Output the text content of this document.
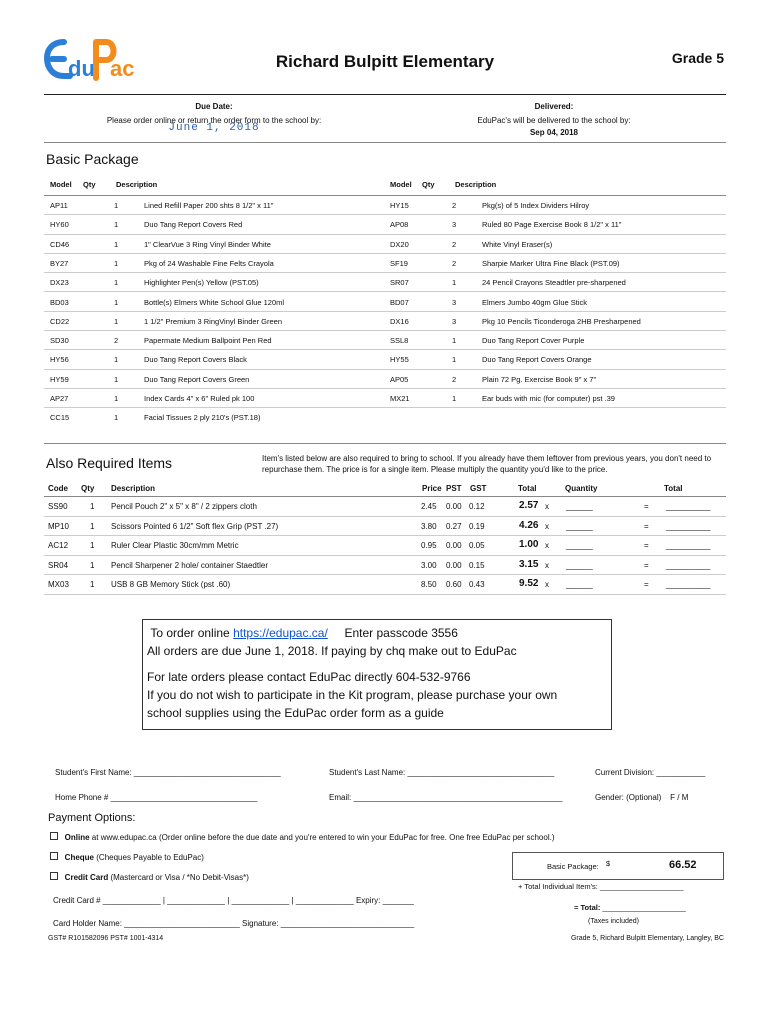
du ac	Richard Bulpitt Elementary	Grade 5
Due Date:
Please order online or return the order form to the school by:
June 1, 2018
Delivered:
EduPac's will be delivered to the school by:
Sep 04, 2018
Basic Package
Model Qty	Description	Model Qty	Description
AP11	1	Lined Refill Paper 200 shts 8 1/2" x 11"	HY15	2	Pkg(s) of 5 Index Dividers Hilroy
HY60	1	Duo Tang Report Covers Red	AP08	3	Ruled 80 Page Exercise Book 8 1/2" x 11"
CD46	1	1" ClearVue 3 Ring Vinyl Binder White	DX20	2	White Vinyl Eraser(s)
BY27	1	Pkg of 24 Washable Fine Felts Crayola	SF19	2	Sharpie Marker Ultra Fine Black (PST.09)
DX23	1	Highlighter Pen(s) Yellow (PST.05)	SR07	1	24 Pencil Crayons Steadtler pre-sharpened
BD03	1	Bottle(s) Elmers White School Glue 120ml	BD07	3	Elmers Jumbo 40gm Glue Stick
CD22	1	1 1/2" Premium 3 RingVinyl Binder Green	DX16	3	Pkg 10 Pencils Ticonderoga 2HB Presharpened
SD30	2	Papermate Medium Ballpoint Pen Red	SSL8	1	Duo Tang Report Cover Purple
HY56	1	Duo Tang Report Covers Black	HY55	1	Duo Tang Report Covers Orange
HY59	1	Duo Tang Report Covers Green	AP05	2	Plain 72 Pg. Exercise Book 9" x 7"
AP27	1	Index Cards 4" x 6" Ruled pk 100	MX21	1	Ear buds with mic (for computer) pst .39
CC15	1	Facial Tissues 2 ply 210's (PST.18)
Also Required Items	Item's listed below are also required to bring to school. If you already have them leftover from previous years, you don't need to repurchase them. The price is for a single item. Please multiply the quantity you'd like to the price.
Code Qty Description	Price PST GST	Total	Quantity	Total
SS90	1 Pencil Pouch 2" x 5" x 8" / 2 zippers cloth	2.45 0.00 0.12	2.57 x ______	= __________
MP10	1 Scissors Pointed 6 1/2" Soft flex Grip (PST .27)	3.80 0.27 0.19	4.26 x ______	= __________
AC12	1 Ruler Clear Plastic 30cm/mm Metric	0.95 0.00 0.05	1.00 x ______	= __________
SR04	1 Pencil Sharpener 2 hole/ container Staedtler	3.00 0.00 0.15	3.15 x ______	= __________
MX03	1 USB 8 GB Memory Stick (pst .60)	8.50 0.60 0.43	9.52 x ______	= __________
To order online https://edupac.ca/ Enter passcode 3556
All orders are due June 1, 2018. If paying by chq make out to EduPac
For late orders please contact EduPac directly 604-532-9766
If you do not wish to participate in the Kit program, please purchase your own
school supplies using the EduPac order form as a guide
Student's First Name: _________________________________	Student's Last Name: _________________________________	Current Division: ___________
Home Phone # _________________________________	Email: _______________________________________________	Gender: (Optional) F / M
Payment Options:
Online at www.edupac.ca (Order online before the due date and you're entered to win your EduPac for free. One free EduPac per school.)
Cheque (Cheques Payable to EduPac)
Credit Card (Mastercard or Visa / *No Debit-Visas*)
Credit Card # _____________ | _____________ | _____________ | _____________ Expiry: _______
Card Holder Name: __________________________ Signature: ______________________________
Basic Package: $	66.52
+ Total Individual Item's: ____________________
= Total: ____________________
(Taxes included)
GST# R101582096 PST# 1001-4314	Grade 5, Richard Bulpitt Elementary, Langley, BC
